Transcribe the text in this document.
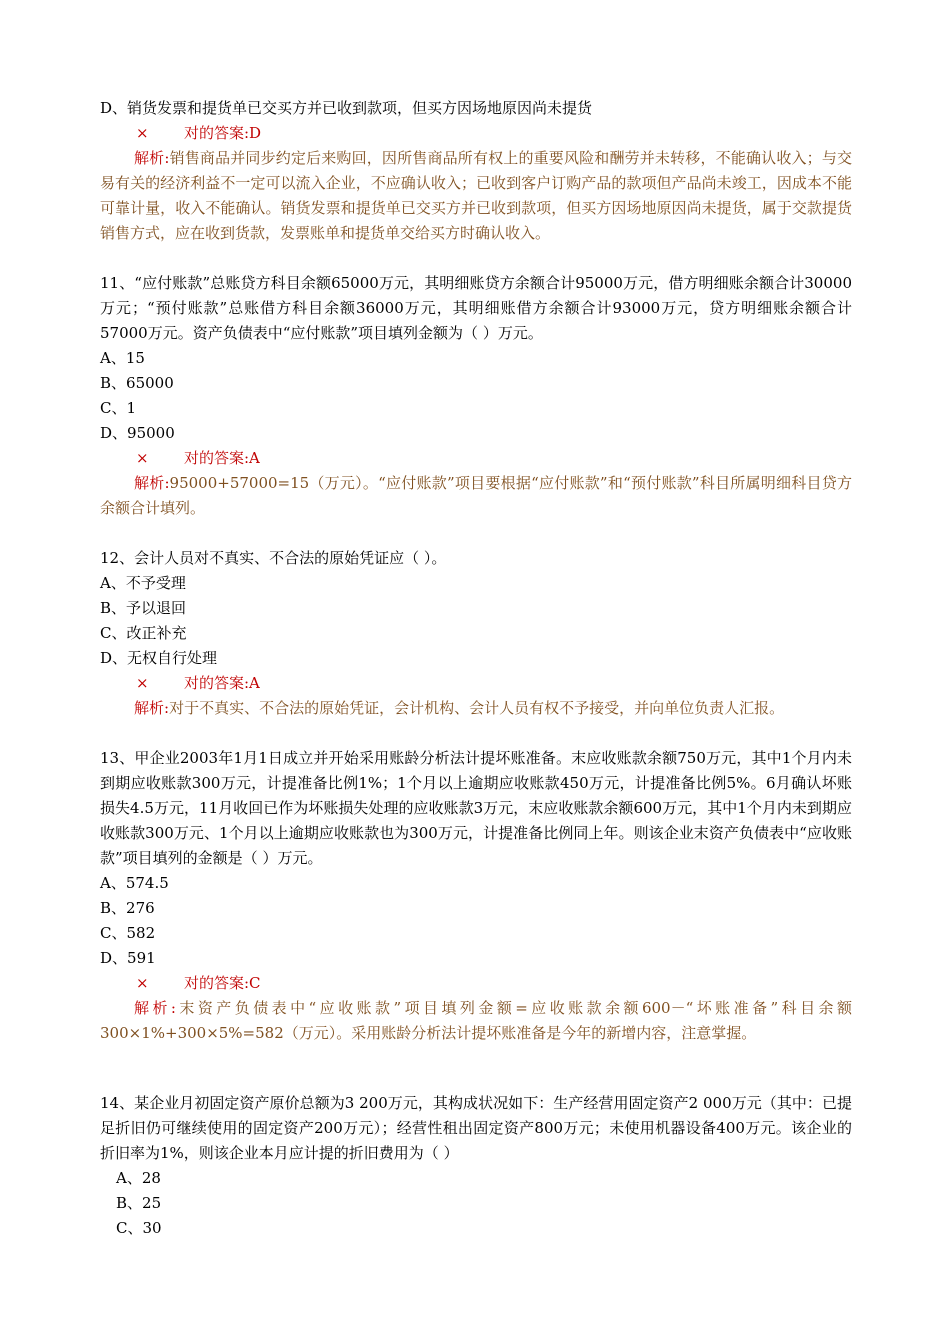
D、销货发票和提货单已交买方并已收到款项，但买方因场地原因尚未提货
× 对的答案:D
解析:销售商品并同步约定后来购回，因所售商品所有权上的重要风险和酬劳并未转移，不能确认收入；与交易有关的经济利益不一定可以流入企业，不应确认收入；已收到客户订购产品的款项但产品尚未竣工，因成本不能可靠计量，收入不能确认。销货发票和提货单已交买方并已收到款项，但买方因场地原因尚未提货，属于交款提货销售方式，应在收到货款，发票账单和提货单交给买方时确认收入。
11、“应付账款”总账贷方科目余额65000万元，其明细账贷方余额合计95000万元，借方明细账余额合计30000万元；“预付账款”总账借方科目余额36000万元，其明细账借方余额合计93000万元，贷方明细账余额合计57000万元。资产负债表中“应付账款”项目填列金额为（ ）万元。
A、15
B、65000
C、1
D、95000
× 对的答案:A
解析:95000+57000=15（万元）。“应付账款”项目要根据“应付账款”和“预付账款”科目所属明细科目贷方余额合计填列。
12、会计人员对不真实、不合法的原始凭证应（ ）。
A、不予受理
B、予以退回
C、改正补充
D、无权自行处理
× 对的答案:A
解析:对于不真实、不合法的原始凭证，会计机构、会计人员有权不予接受，并向单位负责人汇报。
13、甲企业2003年1月1日成立并开始采用账龄分析法计提坏账准备。末应收账款余额750万元，其中1个月内未到期应收账款300万元，计提准备比例1%；1个月以上逾期应收账款450万元，计提准备比例5%。6月确认坏账损失4.5万元，11月收回已作为坏账损失处理的应收账款3万元，末应收账款余额600万元，其中1个月内未到期应收账款300万元、1个月以上逾期应收账款也为300万元，计提准备比例同上年。则该企业末资产负债表中“应收账款”项目填列的金额是（ ）万元。
A、574.5
B、276
C、582
D、591
× 对的答案:C
解析:末资产负债表中“应收账款”项目填列金额=应收账款余额600－“坏账准备”科目余额300×1%+300×5%=582（万元）。采用账龄分析法计提坏账准备是今年的新增内容，注意掌握。
14、某企业月初固定资产原价总额为3 200万元，其构成状况如下：生产经营用固定资产2 000万元（其中：已提足折旧仍可继续使用的固定资产200万元）；经营性租出固定资产800万元；未使用机器设备400万元。该企业的折旧率为1%，则该企业本月应计提的折旧费用为（ ）
A、28
B、25
C、30
